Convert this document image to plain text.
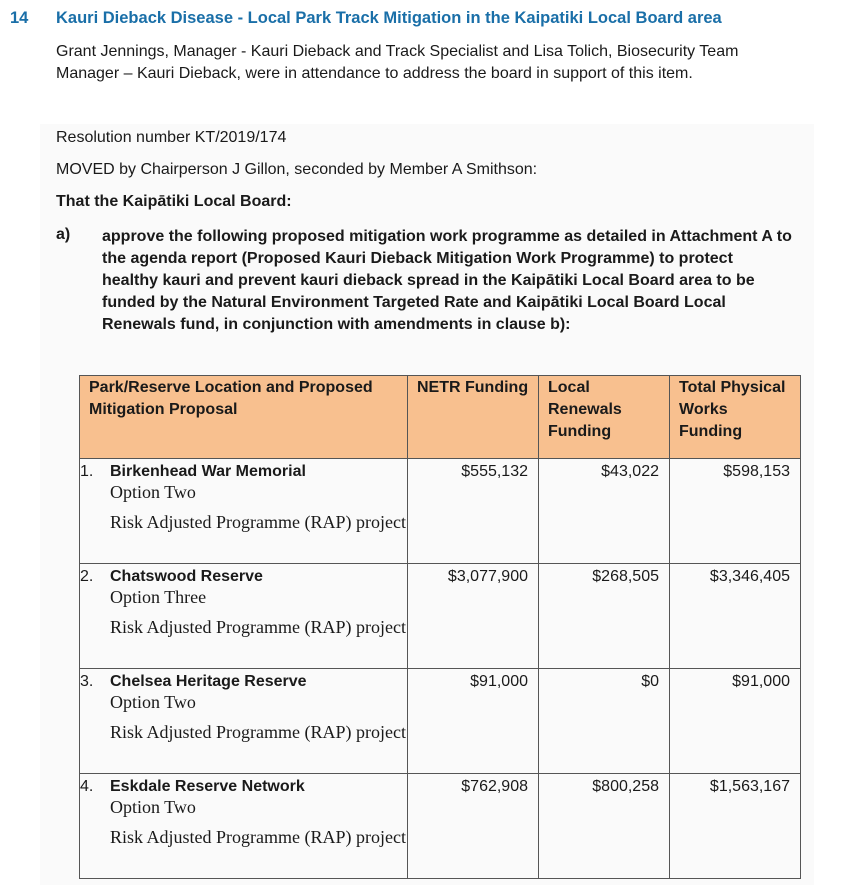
14 Kauri Dieback Disease - Local Park Track Mitigation in the Kaipatiki Local Board area
Grant Jennings, Manager - Kauri Dieback and Track Specialist and Lisa Tolich, Biosecurity Team Manager – Kauri Dieback, were in attendance to address the board in support of this item.
Resolution number KT/2019/174
MOVED by Chairperson J Gillon, seconded by Member A Smithson:
That the Kaipātiki Local Board:
a) approve the following proposed mitigation work programme as detailed in Attachment A to the agenda report (Proposed Kauri Dieback Mitigation Work Programme) to protect healthy kauri and prevent kauri dieback spread in the Kaipātiki Local Board area to be funded by the Natural Environment Targeted Rate and Kaipātiki Local Board Local Renewals fund, in conjunction with amendments in clause b):
Park/Reserve Location and Proposed Mitigation Proposal	NETR Funding	Local Renewals Funding	Total Physical Works Funding

1. Birkenhead War Memorial
Option Two
Risk Adjusted Programme (RAP) project	$555,132	$43,022	$598,153

2. Chatswood Reserve
Option Three
Risk Adjusted Programme (RAP) project	$3,077,900	$268,505	$3,346,405

3. Chelsea Heritage Reserve
Option Two
Risk Adjusted Programme (RAP) project	$91,000	$0	$91,000

4. Eskdale Reserve Network
Option Two
Risk Adjusted Programme (RAP) project	$762,908	$800,258	$1,563,167
